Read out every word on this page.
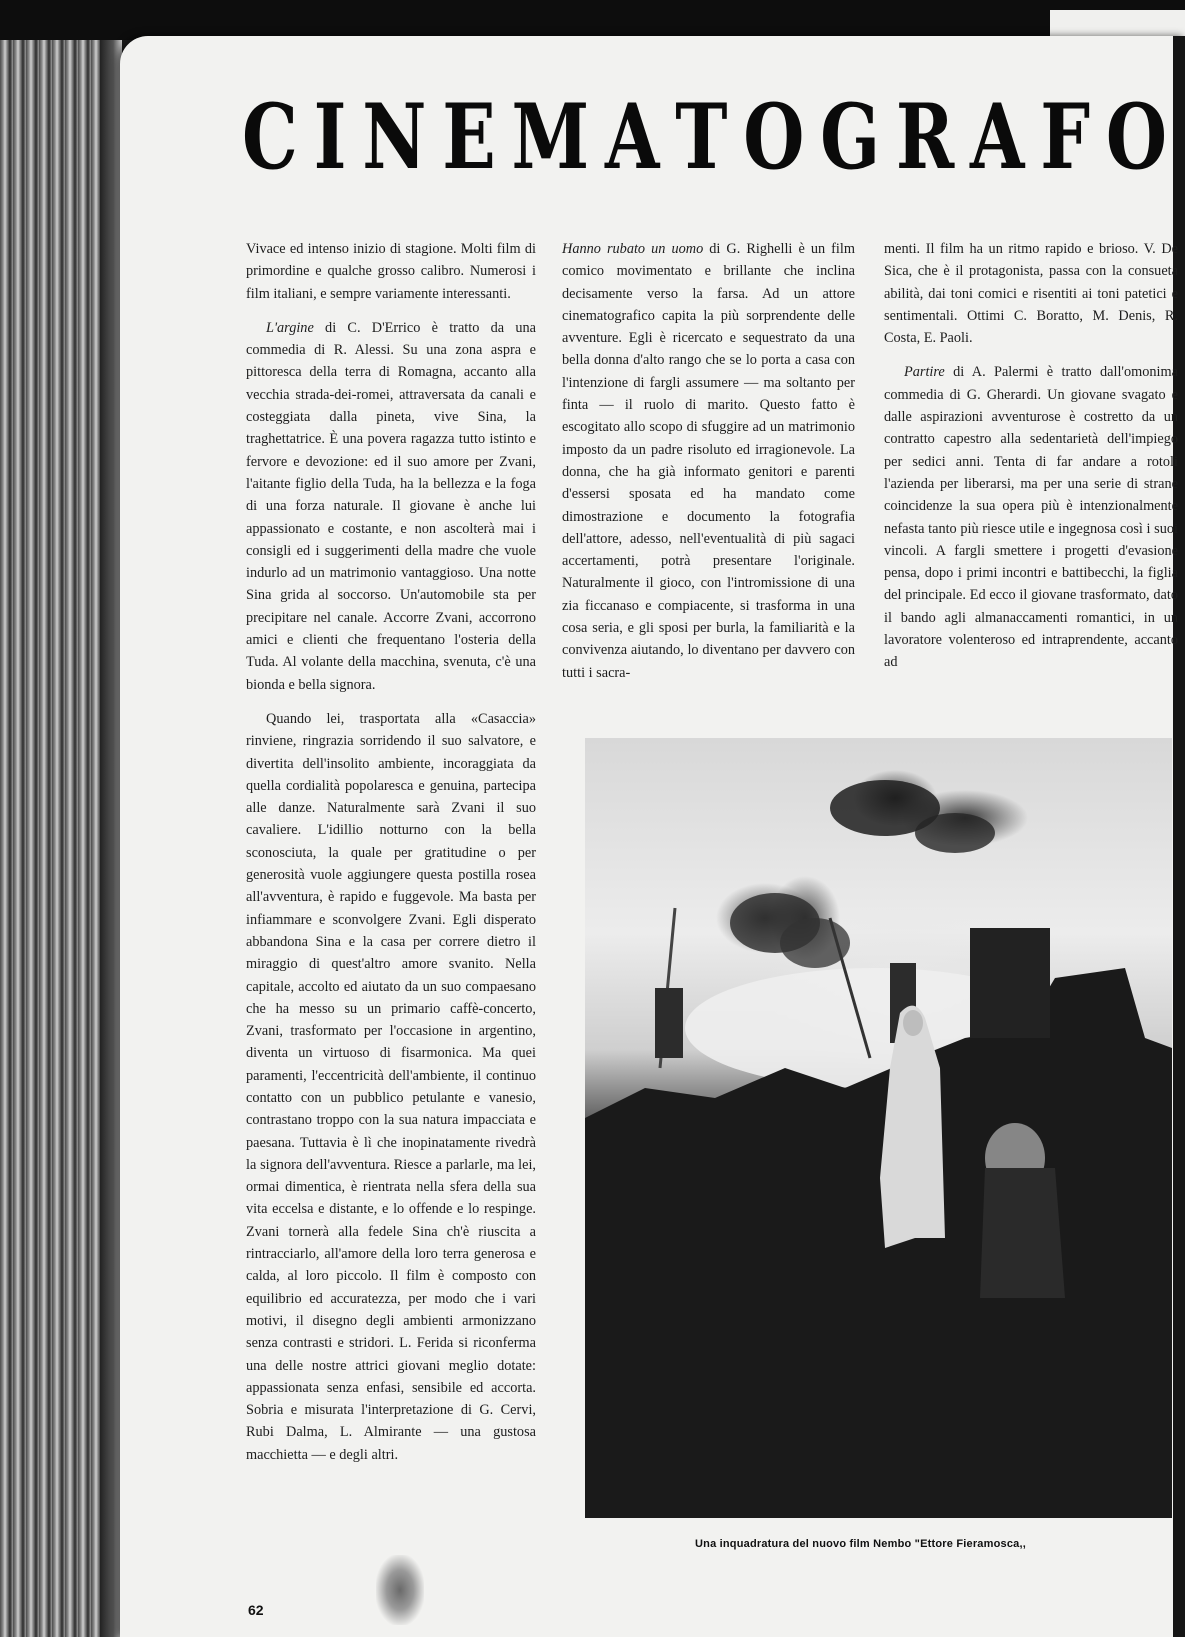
C I N E M A T O G R A F O

Vivace ed intenso inizio di stagione. Molti film di primordine e qualche grosso calibro. Numerosi i film italiani, e sempre variamente interessanti.

L'argine di C. D'Errico è tratto da una commedia di R. Alessi. Su una zona aspra e pittoresca della terra di Romagna, accanto alla vecchia strada-dei-romei, attraversata da canali e costeggiata dalla pineta, vive Sina, la traghettatrice. È una povera ragazza tutto istinto e fervore e devozione: ed il suo amore per Zvani, l'aitante figlio della Tuda, ha la bellezza e la foga di una forza naturale. Il giovane è anche lui appassionato e costante, e non ascolterà mai i consigli ed i suggerimenti della madre che vuole indurlo ad un matrimonio vantaggioso. Una notte Sina grida al soccorso. Un'automobile sta per precipitare nel canale. Accorre Zvani, accorrono amici e clienti che frequentano l'osteria della Tuda. Al volante della macchina, svenuta, c'è una bionda e bella signora.

Quando lei, trasportata alla «Casaccia» rinviene, ringrazia sorridendo il suo salvatore, e divertita dell'insolito ambiente, incoraggiata da quella cordialità popolaresca e genuina, partecipa alle danze. Naturalmente sarà Zvani il suo cavaliere. L'idillio notturno con la bella sconosciuta, la quale per gratitudine o per generosità vuole aggiungere questa postilla rosea all'avventura, è rapido e fuggevole. Ma basta per infiammare e sconvolgere Zvani. Egli disperato abbandona Sina e la casa per correre dietro il miraggio di quest'altro amore svanito. Nella capitale, accolto ed aiutato da un suo compaesano che ha messo su un primario caffè-concerto, Zvani, trasformato per l'occasione in argentino, diventa un virtuoso di fisarmonica. Ma quei paramenti, l'eccentricità dell'ambiente, il continuo contatto con un pubblico petulante e vanesio, contrastano troppo con la sua natura impacciata e paesana. Tuttavia è lì che inopinatamente rivedrà la signora dell'avventura. Riesce a parlarle, ma lei, ormai dimentica, è rientrata nella sfera della sua vita eccelsa e distante, e lo offende e lo respinge. Zvani tornerà alla fedele Sina ch'è riuscita a rintracciarlo, all'amore della loro terra generosa e calda, al loro piccolo. Il film è composto con equilibrio ed accuratezza, per modo che i vari motivi, il disegno degli ambienti armonizzano senza contrasti e stridori. L. Ferida si riconferma una delle nostre attrici giovani meglio dotate: appassionata senza enfasi, sensibile ed accorta. Sobria e misurata l'interpretazione di G. Cervi, Rubi Dalma, L. Almirante — una gustosa macchietta — e degli altri.

Hanno rubato un uomo di G. Righelli è un film comico movimentato e brillante che inclina decisamente verso la farsa. Ad un attore cinematografico capita la più sorprendente delle avventure. Egli è ricercato e sequestrato da una bella donna d'alto rango che se lo porta a casa con l'intenzione di fargli assumere — ma soltanto per finta — il ruolo di marito. Questo fatto è escogitato allo scopo di sfuggire ad un matrimonio imposto da un padre risoluto ed irragionevole. La donna, che ha già informato genitori e parenti d'essersi sposata ed ha mandato come dimostrazione e documento la fotografia dell'attore, adesso, nell'eventualità di più sagaci accertamenti, potrà presentare l'originale. Naturalmente il gioco, con l'intromissione di una zia ficcanaso e compiacente, si trasforma in una cosa seria, e gli sposi per burla, la familiarità e la convivenza aiutando, lo diventano per davvero con tutti i sacra-

menti. Il film ha un ritmo rapido e brioso. V. De Sica, che è il protagonista, passa con la consueta abilità, dai toni comici e risentiti ai toni patetici e sentimentali. Ottimi C. Boratto, M. Denis, R. Costa, E. Paoli.

Partire di A. Palermi è tratto dall'omonima commedia di G. Gherardi. Un giovane svagato e dalle aspirazioni avventurose è costretto da un contratto capestro alla sedentarietà dell'impiego per sedici anni. Tenta di far andare a rotoli l'azienda per liberarsi, ma per una serie di strane coincidenze la sua opera più è intenzionalmente nefasta tanto più riesce utile e ingegnosa così i suoi vincoli. A fargli smettere i progetti d'evasione pensa, dopo i primi incontri e battibecchi, la figlia del principale. Ed ecco il giovane trasformato, dato il bando agli almanaccamenti romantici, in un lavoratore volenteroso ed intraprendente, accanto ad

Una inquadratura del nuovo film Nembo "Ettore Fieramosca,,
62
